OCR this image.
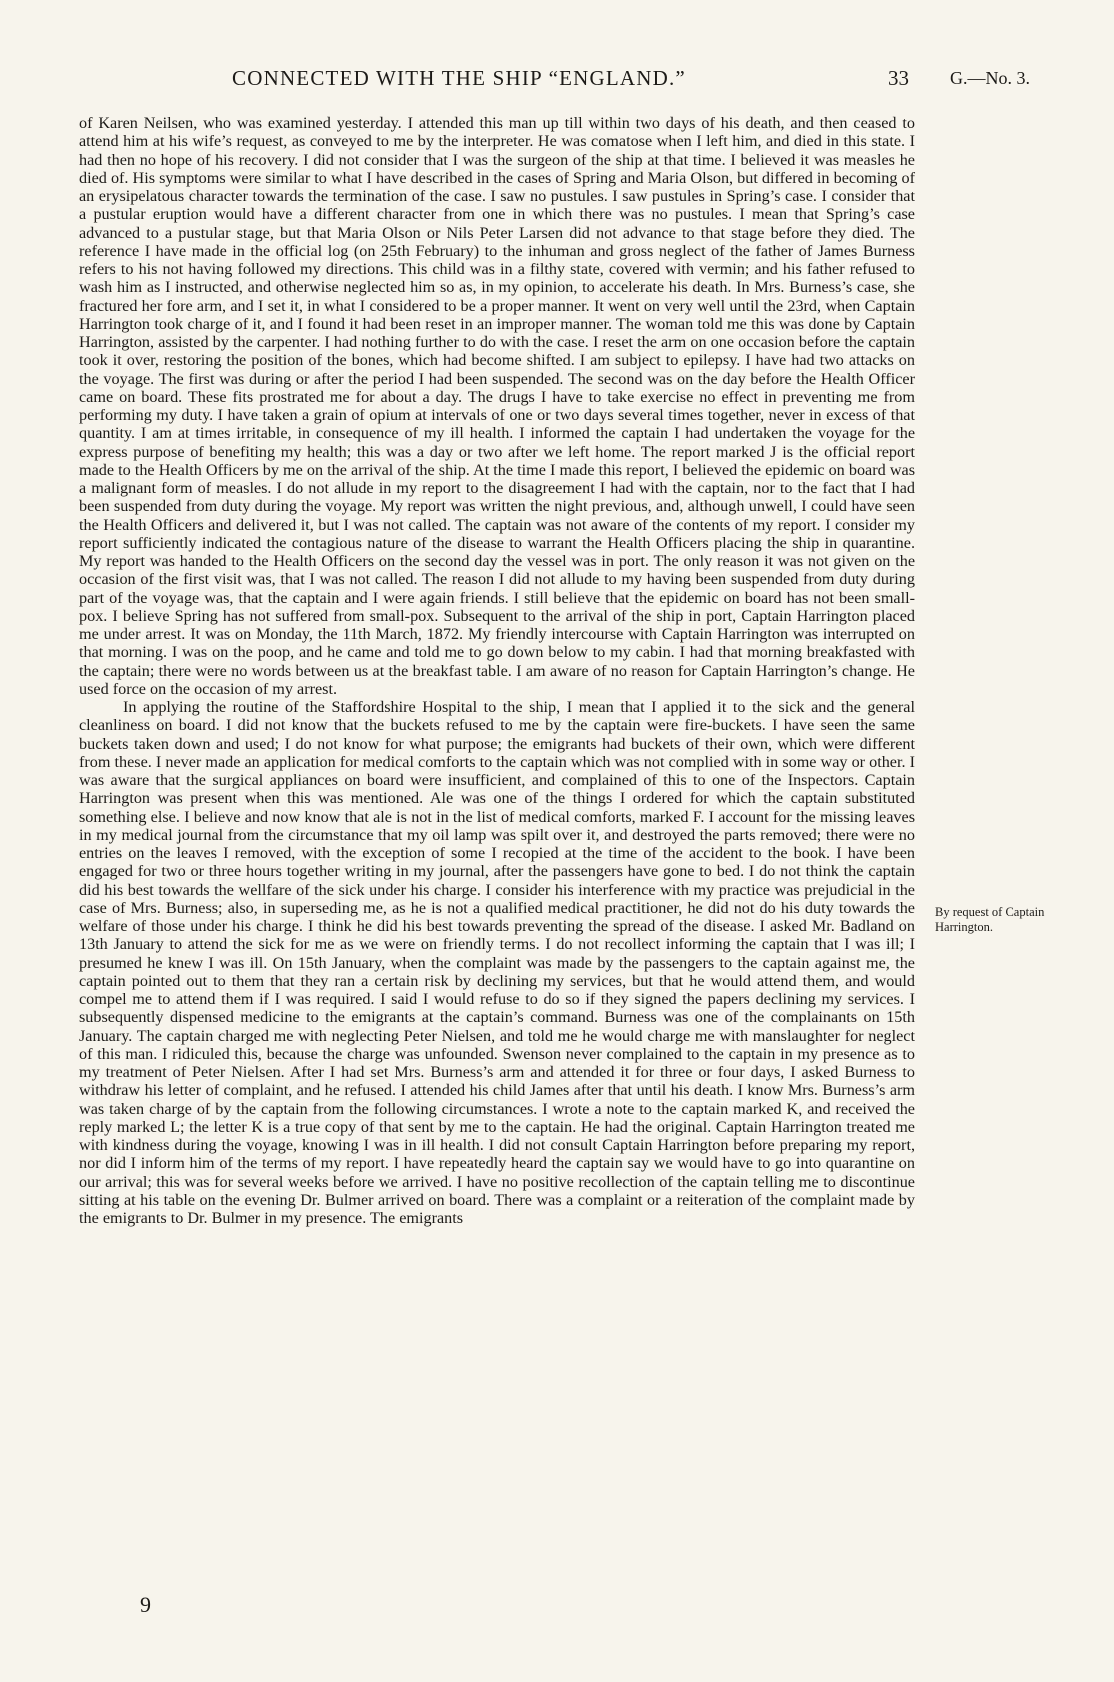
CONNECTED WITH THE SHIP “ENGLAND.”	33 G.—No. 3.

of Karen Neilsen, who was examined yesterday. I attended this man up till within two days of his death, and then ceased to attend him at his wife’s request, as conveyed to me by the interpreter. He was comatose when I left him, and died in this state. I had then no hope of his recovery. I did not consider that I was the surgeon of the ship at that time. I believed it was measles he died of. His symptoms were similar to what I have described in the cases of Spring and Maria Olson, but differed in becoming of an erysipelatous character towards the termination of the case. I saw no pustules. I saw pustules in Spring’s case. I consider that a pustular eruption would have a different character from one in which there was no pustules. I mean that Spring’s case advanced to a pustular stage, but that Maria Olson or Nils Peter Larsen did not advance to that stage before they died. The reference I have made in the official log (on 25th February) to the inhuman and gross neglect of the father of James Burness refers to his not having followed my directions. This child was in a filthy state, covered with vermin; and his father refused to wash him as I instructed, and otherwise neglected him so as, in my opinion, to accelerate his death. In Mrs. Burness’s case, she fractured her fore arm, and I set it, in what I considered to be a proper manner. It went on very well until the 23rd, when Captain Harrington took charge of it, and I found it had been reset in an improper manner. The woman told me this was done by Captain Harrington, assisted by the carpenter. I had nothing further to do with the case. I reset the arm on one occasion before the captain took it over, restoring the position of the bones, which had become shifted. I am subject to epilepsy. I have had two attacks on the voyage. The first was during or after the period I had been suspended. The second was on the day before the Health Officer came on board. These fits prostrated me for about a day. The drugs I have to take exercise no effect in preventing me from performing my duty. I have taken a grain of opium at intervals of one or two days several times together, never in excess of that quantity. I am at times irritable, in consequence of my ill health. I informed the captain I had undertaken the voyage for the express purpose of benefiting my health; this was a day or two after we left home. The report marked J is the official report made to the Health Officers by me on the arrival of the ship. At the time I made this report, I believed the epidemic on board was a malignant form of measles. I do not allude in my report to the disagreement I had with the captain, nor to the fact that I had been suspended from duty during the voyage. My report was written the night previous, and, although unwell, I could have seen the Health Officers and delivered it, but I was not called. The captain was not aware of the contents of my report. I consider my report sufficiently indicated the contagious nature of the disease to warrant the Health Officers placing the ship in quarantine. My report was handed to the Health Officers on the second day the vessel was in port. The only reason it was not given on the occasion of the first visit was, that I was not called. The reason I did not allude to my having been suspended from duty during part of the voyage was, that the captain and I were again friends. I still believe that the epidemic on board has not been small-pox. I believe Spring has not suffered from small-pox. Subsequent to the arrival of the ship in port, Captain Harrington placed me under arrest. It was on Monday, the 11th March, 1872. My friendly intercourse with Captain Harrington was interrupted on that morning. I was on the poop, and he came and told me to go down below to my cabin. I had that morning breakfasted with the captain; there were no words between us at the breakfast table. I am aware of no reason for Captain Harrington’s change. He used force on the occasion of my arrest.

In applying the routine of the Staffordshire Hospital to the ship, I mean that I applied it to the sick and the general cleanliness on board. I did not know that the buckets refused to me by the captain were fire-buckets. I have seen the same buckets taken down and used; I do not know for what purpose; the emigrants had buckets of their own, which were different from these. I never made an application for medical comforts to the captain which was not complied with in some way or other. I was aware that the surgical appliances on board were insufficient, and complained of this to one of the Inspectors. Captain Harrington was present when this was mentioned. Ale was one of the things I ordered for which the captain substituted something else. I believe and now know that ale is not in the list of medical comforts, marked F. I account for the missing leaves in my medical journal from the circumstance that my oil lamp was spilt over it, and destroyed the parts removed; there were no entries on the leaves I removed, with the exception of some I recopied at the time of the accident to the book. I have been engaged for two or three hours together writing in my journal, after the passengers have gone to bed. I do not think the captain did his best towards the wellfare of the sick under his charge. I consider his interference with my practice was prejudicial in the case of Mrs. Burness; also, in superseding me, as he is not a qualified medical practitioner, he did not do his duty towards the welfare of those under his charge. I think he did his best towards preventing the spread of the disease. I asked Mr. Badland on 13th January to attend the sick for me as we were on friendly terms. I do not recollect informing the captain that I was ill; I presumed he knew I was ill. On 15th January, when the complaint was made by the passengers to the captain against me, the captain pointed out to them that they ran a certain risk by declining my services, but that he would attend them, and would compel me to attend them if I was required. I said I would refuse to do so if they signed the papers declining my services. I subsequently dispensed medicine to the emigrants at the captain’s command. Burness was one of the complainants on 15th January. The captain charged me with neglecting Peter Nielsen, and told me he would charge me with manslaughter for neglect of this man. I ridiculed this, because the charge was unfounded. Swenson never complained to the captain in my presence as to my treatment of Peter Nielsen. After I had set Mrs. Burness’s arm and attended it for three or four days, I asked Burness to withdraw his letter of complaint, and he refused. I attended his child James after that until his death. I know Mrs. Burness’s arm was taken charge of by the captain from the following circumstances. I wrote a note to the captain marked K, and received the reply marked L; the letter K is a true copy of that sent by me to the captain. He had the original. Captain Harrington treated me with kindness during the voyage, knowing I was in ill health. I did not consult Captain Harrington before preparing my report, nor did I inform him of the terms of my report. I have repeatedly heard the captain say we would have to go into quarantine on our arrival; this was for several weeks before we arrived. I have no positive recollection of the captain telling me to discontinue sitting at his table on the evening Dr. Bulmer arrived on board. There was a complaint or a reiteration of the complaint made by the emigrants to Dr. Bulmer in my presence. The emigrants

By request of Captain Harrington.
9
